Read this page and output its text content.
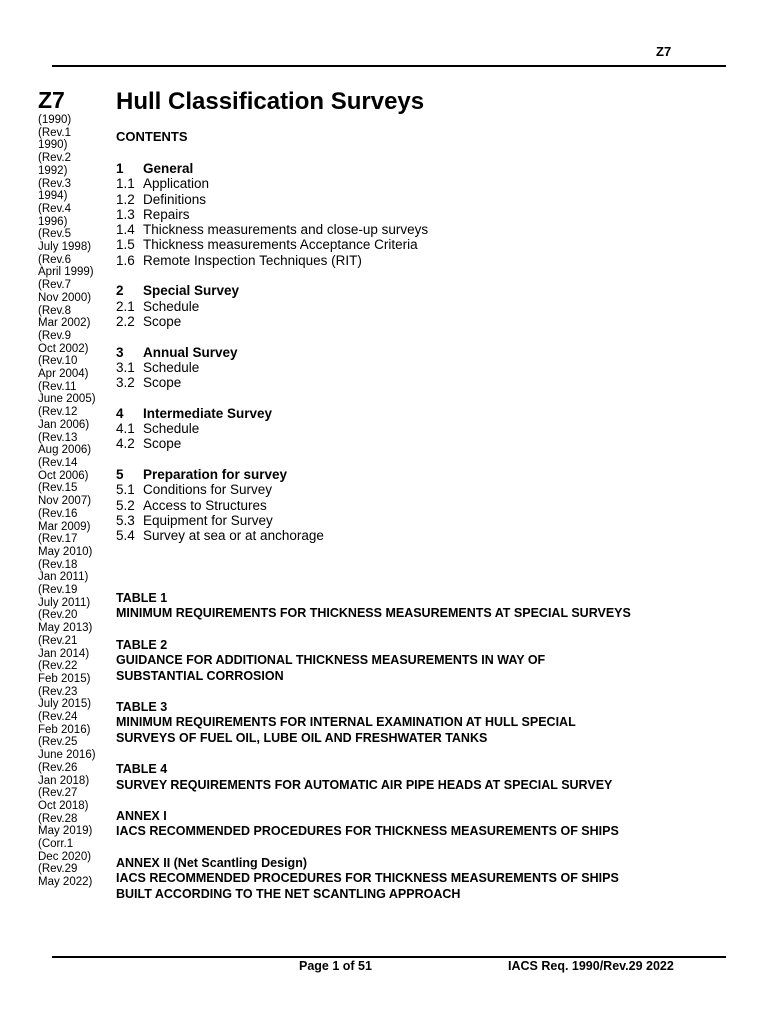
Z7
Z7
(1990)
(Rev.1
1990)
(Rev.2
1992)
(Rev.3
1994)
(Rev.4
1996)
(Rev.5
July 1998)
(Rev.6
April 1999)
(Rev.7
Nov 2000)
(Rev.8
Mar 2002)
(Rev.9
Oct 2002)
(Rev.10
Apr 2004)
(Rev.11
June 2005)
(Rev.12
Jan 2006)
(Rev.13
Aug 2006)
(Rev.14
Oct 2006)
(Rev.15
Nov 2007)
(Rev.16
Mar 2009)
(Rev.17
May 2010)
(Rev.18
Jan 2011)
(Rev.19
July 2011)
(Rev.20
May 2013)
(Rev.21
Jan 2014)
(Rev.22
Feb 2015)
(Rev.23
July 2015)
(Rev.24
Feb 2016)
(Rev.25
June 2016)
(Rev.26
Jan 2018)
(Rev.27
Oct 2018)
(Rev.28
May 2019)
(Corr.1
Dec 2020)
(Rev.29
May 2022)
Hull Classification Surveys
CONTENTS
1	General
1.1 Application
1.2 Definitions
1.3 Repairs
1.4 Thickness measurements and close-up surveys
1.5 Thickness measurements Acceptance Criteria
1.6 Remote Inspection Techniques (RIT)
2	Special Survey
2.1 Schedule
2.2 Scope
3	Annual Survey
3.1 Schedule
3.2 Scope
4	Intermediate Survey
4.1 Schedule
4.2 Scope
5	Preparation for survey
5.1 Conditions for Survey
5.2 Access to Structures
5.3 Equipment for Survey
5.4 Survey at sea or at anchorage
TABLE 1
MINIMUM REQUIREMENTS FOR THICKNESS MEASUREMENTS AT SPECIAL SURVEYS
TABLE 2
GUIDANCE FOR ADDITIONAL THICKNESS MEASUREMENTS IN WAY OF
SUBSTANTIAL CORROSION
TABLE 3
MINIMUM REQUIREMENTS FOR INTERNAL EXAMINATION AT HULL SPECIAL
SURVEYS OF FUEL OIL, LUBE OIL AND FRESHWATER TANKS
TABLE 4
SURVEY REQUIREMENTS FOR AUTOMATIC AIR PIPE HEADS AT SPECIAL SURVEY
ANNEX I
IACS RECOMMENDED PROCEDURES FOR THICKNESS MEASUREMENTS OF SHIPS
ANNEX II (Net Scantling Design)
IACS RECOMMENDED PROCEDURES FOR THICKNESS MEASUREMENTS OF SHIPS
BUILT ACCORDING TO THE NET SCANTLING APPROACH
Page 1 of 51	IACS Req. 1990/Rev.29 2022
